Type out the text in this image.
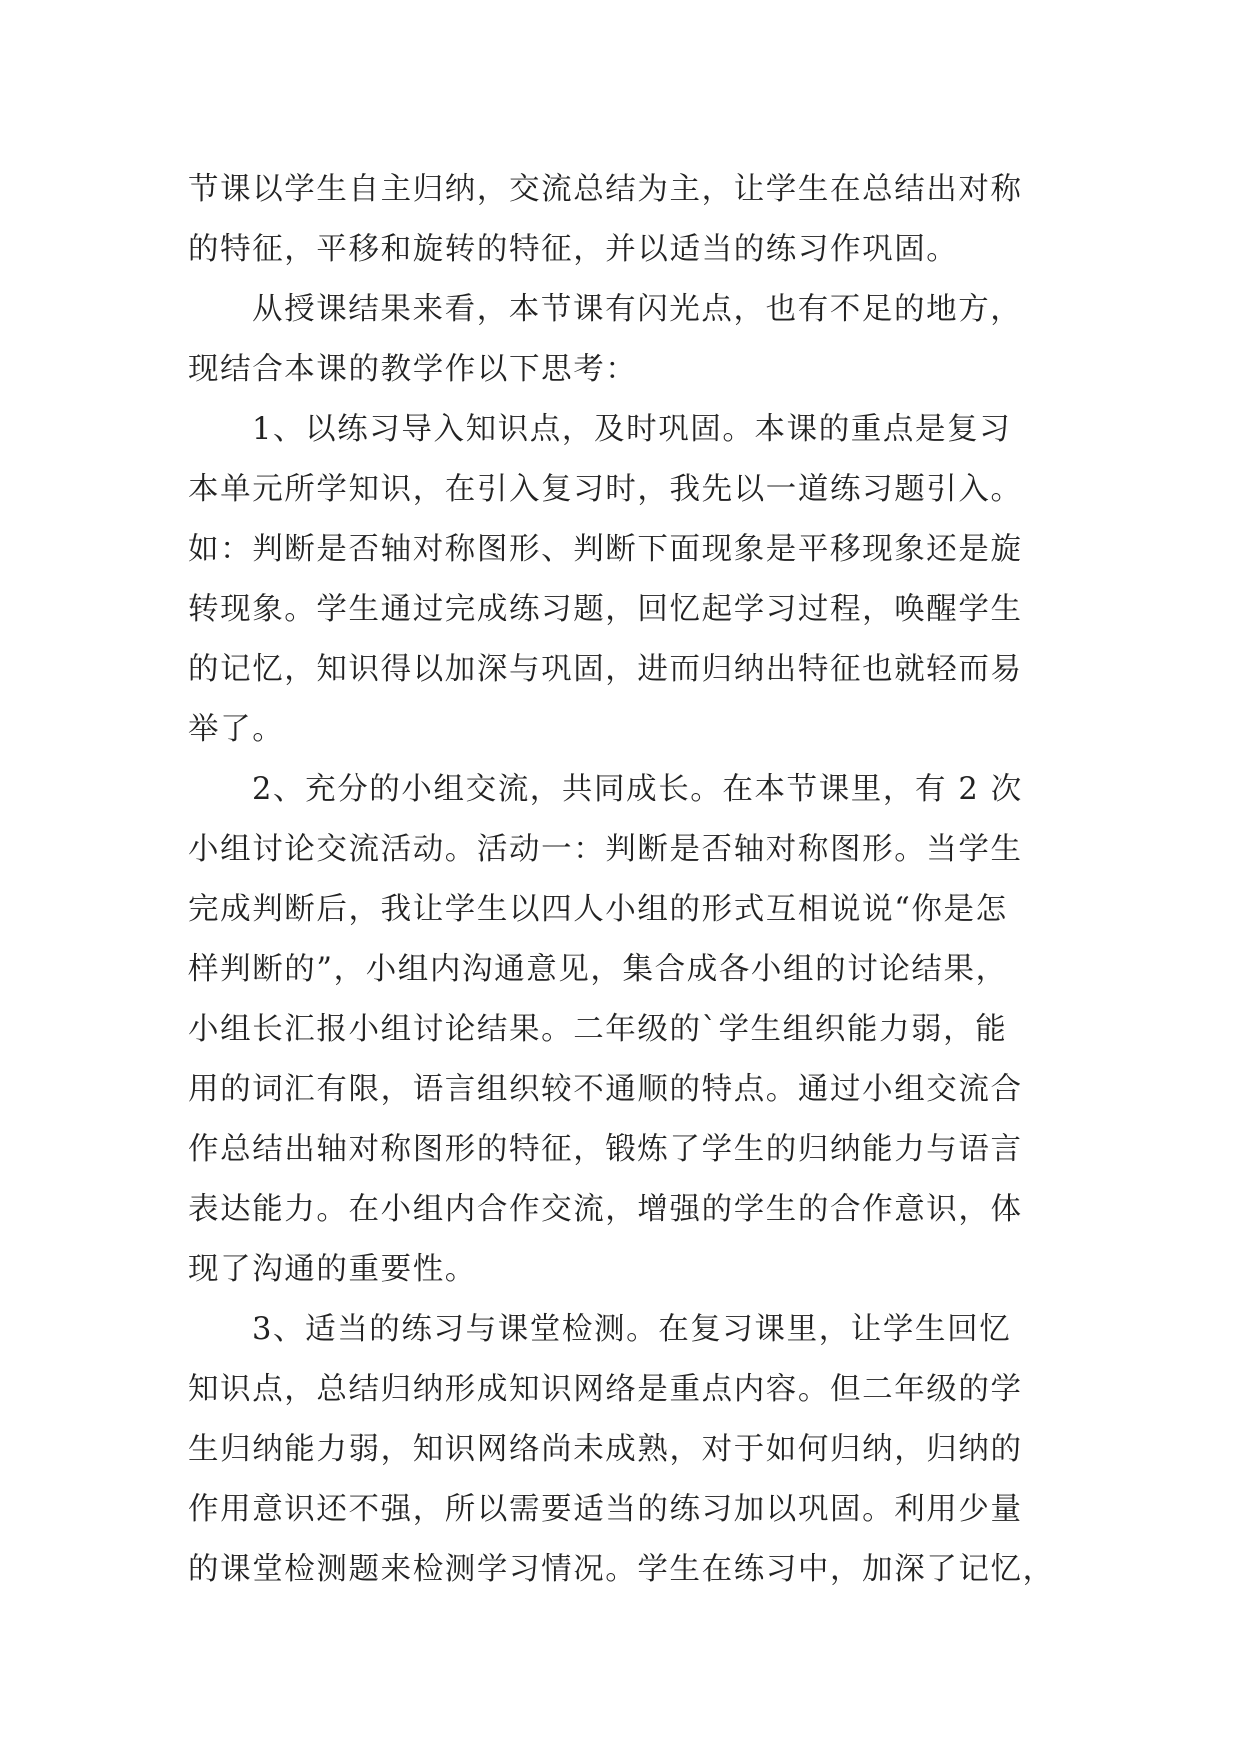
节课以学生自主归纳，交流总结为主，让学生在总结出对称
的特征，平移和旋转的特征，并以适当的练习作巩固。
从授课结果来看，本节课有闪光点，也有不足的地方，
现结合本课的教学作以下思考：
1、以练习导入知识点，及时巩固。本课的重点是复习
本单元所学知识，在引入复习时，我先以一道练习题引入。
如：判断是否轴对称图形、判断下面现象是平移现象还是旋
转现象。学生通过完成练习题，回忆起学习过程，唤醒学生
的记忆，知识得以加深与巩固，进而归纳出特征也就轻而易
举了。
2、充分的小组交流，共同成长。在本节课里，有 2 次
小组讨论交流活动。活动一：判断是否轴对称图形。当学生
完成判断后，我让学生以四人小组的形式互相说说“你是怎
样判断的”，小组内沟通意见，集合成各小组的讨论结果，
小组长汇报小组讨论结果。二年级的`学生组织能力弱，能
用的词汇有限，语言组织较不通顺的特点。通过小组交流合
作总结出轴对称图形的特征，锻炼了学生的归纳能力与语言
表达能力。在小组内合作交流，增强的学生的合作意识，体
现了沟通的重要性。
3、适当的练习与课堂检测。在复习课里，让学生回忆
知识点，总结归纳形成知识网络是重点内容。但二年级的学
生归纳能力弱，知识网络尚未成熟，对于如何归纳，归纳的
作用意识还不强，所以需要适当的练习加以巩固。利用少量
的课堂检测题来检测学习情况。学生在练习中，加深了记忆，
